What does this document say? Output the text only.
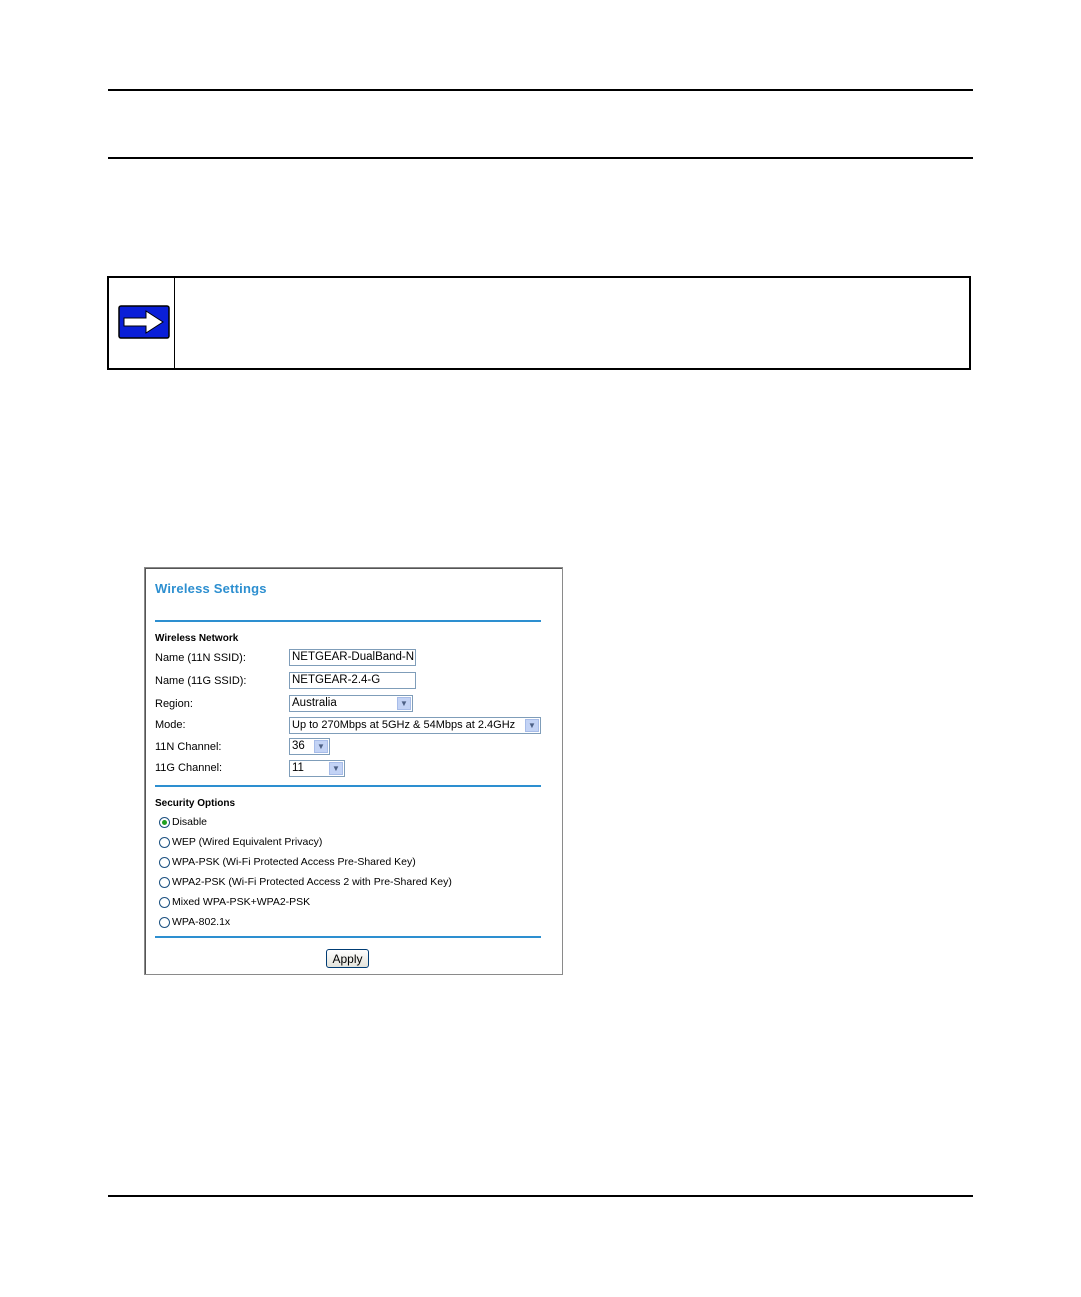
Wireless Settings
Wireless Network
Name (11N SSID):	NETGEAR-DualBand-N
Name (11G SSID):	NETGEAR-2.4-G
Region:	Australia	▼
Mode:	Up to 270Mbps at 5GHz & 54Mbps at 2.4GHz	▼
11N Channel:	36	▼
11G Channel:	11	▼
Security Options
Disable
WEP (Wired Equivalent Privacy)
WPA-PSK (Wi-Fi Protected Access Pre-Shared Key)
WPA2-PSK (Wi-Fi Protected Access 2 with Pre-Shared Key)
Mixed WPA-PSK+WPA2-PSK
WPA-802.1x
Apply
